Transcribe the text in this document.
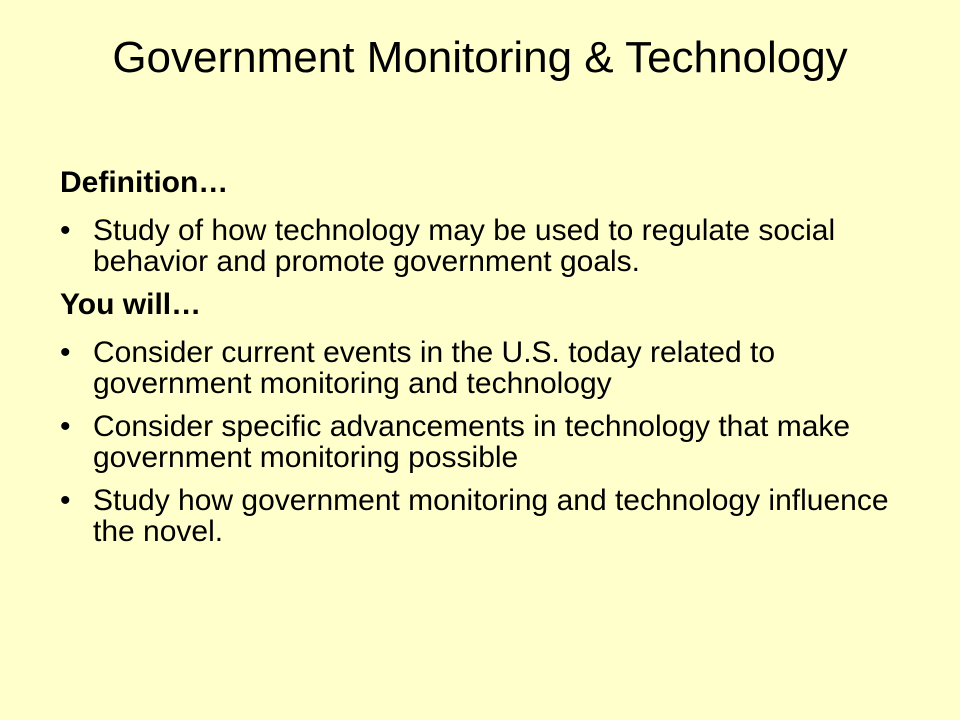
Government Monitoring & Technology

Definition…

• Study of how technology may be used to regulate social behavior and promote government goals.

You will…

• Consider current events in the U.S. today related to government monitoring and technology
• Consider specific advancements in technology that make government monitoring possible
• Study how government monitoring and technology influence the novel.
